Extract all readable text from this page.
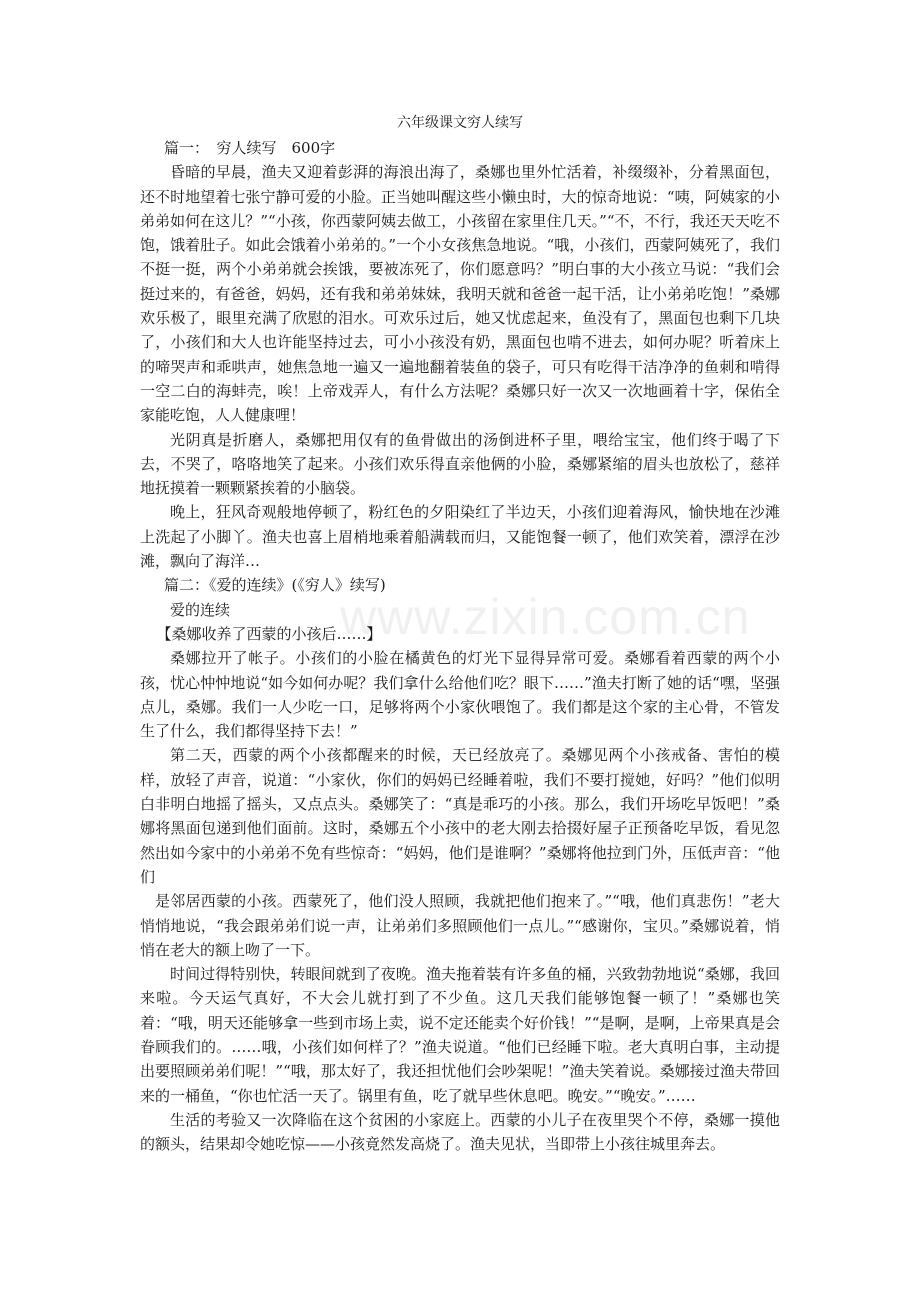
www.zixin.com.cn
六年级课文穷人续写

篇一：　穷人续写　600字

昏暗的早晨，渔夫又迎着彭湃的海浪出海了，桑娜也里外忙活着，补缀缀补，分着黑面包，还不时地望着七张宁静可爱的小脸。正当她叫醒这些小懒虫时，大的惊奇地说：“咦，阿姨家的小弟弟如何在这儿？”“小孩，你西蒙阿姨去做工，小孩留在家里住几天。”“不，不行，我还天天吃不饱，饿着肚子。如此会饿着小弟弟的。”一个小女孩焦急地说。“哦，小孩们，西蒙阿姨死了，我们不挺一挺，两个小弟弟就会挨饿，要被冻死了，你们愿意吗？”明白事的大小孩立马说：“我们会挺过来的，有爸爸，妈妈，还有我和弟弟妹妹，我明天就和爸爸一起干活，让小弟弟吃饱！”桑娜欢乐极了，眼里充满了欣慰的泪水。可欢乐过后，她又忧虑起来，鱼没有了，黑面包也剩下几块了，小孩们和大人也许能坚持过去，可小小孩没有奶，黑面包也啃不进去，如何办呢？听着床上的啼哭声和乖哄声，她焦急地一遍又一遍地翻着装鱼的袋子，可只有吃得干洁净净的鱼刺和啃得一空二白的海蚌壳，唉！上帝戏弄人，有什么方法呢？桑娜只好一次又一次地画着十字，保佑全家能吃饱，人人健康哩！

光阴真是折磨人，桑娜把用仅有的鱼骨做出的汤倒进杯子里，喂给宝宝，他们终于喝了下去，不哭了，咯咯地笑了起来。小孩们欢乐得直亲他俩的小脸，桑娜紧缩的眉头也放松了，慈祥地抚摸着一颗颗紧挨着的小脑袋。

晚上，狂风奇观般地停顿了，粉红色的夕阳染红了半边天，小孩们迎着海风，愉快地在沙滩上洗起了小脚丫。渔夫也喜上眉梢地乘着船满载而归，又能饱餐一顿了，他们欢笑着，漂浮在沙滩，飘向了海洋…

篇二：《爱的连续》(《穷人》续写)

爱的连续

【桑娜收养了西蒙的小孩后……】

桑娜拉开了帐子。小孩们的小脸在橘黄色的灯光下显得异常可爱。桑娜看着西蒙的两个小孩，忧心忡忡地说“如今如何办呢？我们拿什么给他们吃？眼下……”渔夫打断了她的话“嘿，坚强点儿，桑娜。我们一人少吃一口，足够将两个小家伙喂饱了。我们都是这个家的主心骨，不管发生了什么，我们都得坚持下去！”

第二天，西蒙的两个小孩都醒来的时候，天已经放亮了。桑娜见两个小孩戒备、害怕的模样，放轻了声音，说道：“小家伙，你们的妈妈已经睡着啦，我们不要打搅她，好吗？”他们似明白非明白地摇了摇头，又点点头。桑娜笑了：“真是乖巧的小孩。那么，我们开场吃早饭吧！”桑娜将黑面包递到他们面前。这时，桑娜五个小孩中的老大刚去拾掇好屋子正预备吃早饭，看见忽然出如今家中的小弟弟不免有些惊奇：“妈妈，他们是谁啊？”桑娜将他拉到门外，压低声音：“他们

是邻居西蒙的小孩。西蒙死了，他们没人照顾，我就把他们抱来了。”“哦，他们真悲伤！”老大悄悄地说，“我会跟弟弟们说一声，让弟弟们多照顾他们一点儿。”“感谢你，宝贝。”桑娜说着，悄悄在老大的额上吻了一下。

时间过得特别快，转眼间就到了夜晚。渔夫拖着装有许多鱼的桶，兴致勃勃地说“桑娜，我回来啦。今天运气真好，不大会儿就打到了不少鱼。这几天我们能够饱餐一顿了！”桑娜也笑着：“哦，明天还能够拿一些到市场上卖，说不定还能卖个好价钱！”“是啊，是啊，上帝果真是会眷顾我们的。……哦，小孩们如何样了？”渔夫说道。“他们已经睡下啦。老大真明白事，主动提出要照顾弟弟们呢！”“哦，那太好了，我还担忧他们会吵架呢！”渔夫笑着说。桑娜接过渔夫带回来的一桶鱼，“你也忙活一天了。锅里有鱼，吃了就早些休息吧。晚安。”“晚安。”……

生活的考验又一次降临在这个贫困的小家庭上。西蒙的小儿子在夜里哭个不停，桑娜一摸他的额头，结果却令她吃惊——小孩竟然发高烧了。渔夫见状，当即带上小孩往城里奔去。
